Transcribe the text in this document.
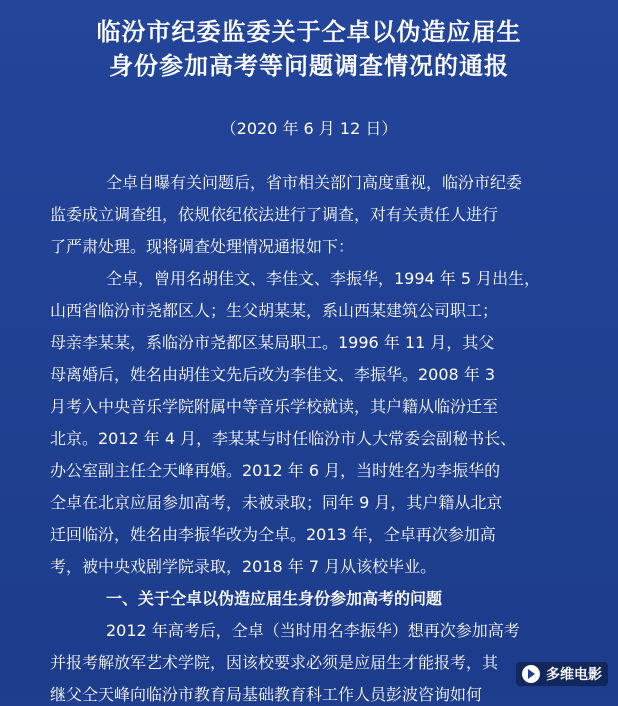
临汾市纪委监委关于仝卓以伪造应届生
身份参加高考等问题调查情况的通报
（2020 年 6 月 12 日）
仝卓自曝有关问题后，省市相关部门高度重视，临汾市纪委
监委成立调查组，依规依纪依法进行了调查，对有关责任人进行
了严肃处理。现将调查处理情况通报如下：
仝卓，曾用名胡佳文、李佳文、李振华，1994 年 5 月出生，
山西省临汾市尧都区人；生父胡某某，系山西某建筑公司职工；
母亲李某某，系临汾市尧都区某局职工。1996 年 11 月，其父
母离婚后，姓名由胡佳文先后改为李佳文、李振华。2008 年 3
月考入中央音乐学院附属中等音乐学校就读，其户籍从临汾迁至
北京。2012 年 4 月，李某某与时任临汾市人大常委会副秘书长、
办公室副主任仝天峰再婚。2012 年 6 月，当时姓名为李振华的
仝卓在北京应届参加高考，未被录取；同年 9 月，其户籍从北京
迁回临汾，姓名由李振华改为仝卓。2013 年，仝卓再次参加高
考，被中央戏剧学院录取，2018 年 7 月从该校毕业。
一、关于仝卓以伪造应届生身份参加高考的问题
2012 年高考后，仝卓（当时用名李振华）想再次参加高考
并报考解放军艺术学院，因该校要求必须是应届生才能报考，其
继父仝天峰向临汾市教育局基础教育科工作人员彭波咨询如何
多维电影
